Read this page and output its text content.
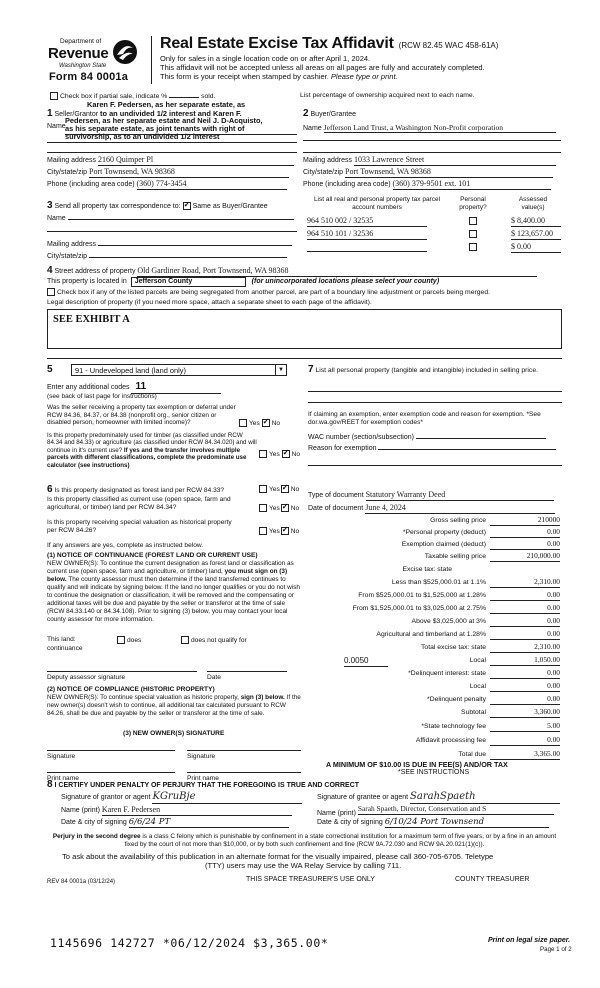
Department of
Revenue
Washington State
Form 84 0001a
Real Estate Excise Tax Affidavit (RCW 82.45 WAC 458-61A)
Only for sales in a single location code on or after April 1, 2024.
This affidavit will not be accepted unless all areas on all pages are fully and accurately completed.
This form is your receipt when stamped by cashier. Please type or print.
Check box if partial sale, indicate %	sold.	List percentage of ownership acquired next to each name.
Karen F. Pedersen, as her separate estate, as
1 Seller/Grantor to an undivided 1/2 interest and Karen F.
Pedersen, as her separate estate and Neil J. D-Acquisto,
Name as his separate estate, as joint tenants with right of
survivorship, as to an undivided 1/2 interest
Mailing address 2160 Quimper Pl
City/state/zip Port Townsend, WA 98368
Phone (including area code) (360) 774-3454
2 Buyer/Grantee
Name Jefferson Land Trust, a Washington Non-Profit corporation
Mailing address 1033 Lawrence Street
City/state/zip Port Townsend, WA 98368
Phone (including area code) (360) 379-9501 ext. 101
3 Send all property tax correspondence to: ✓ Same as Buyer/Grantee
Name
Mailing address
City/state/zip
List all real and personal property tax parcel account numbers
Personal property?
Assessed value(s)
964 510 002 / 32535	$ 8,400.00
964 510 101 / 32536	$ 123,657.00
$ 0.00
4 Street address of property Old Gardiner Road, Port Townsend, WA 98368
This property is located in Jefferson County	(for unincorporated locations please select your county)
Check box if any of the listed parcels are being segregated from another parcel, are part of a boundary line adjustment or parcels being merged.
Legal description of property (if you need more space, attach a separate sheet to each page of the affidavit).
SEE EXHIBIT A
5	91 - Undeveloped land (land only)	▼
Enter any additional codes 11
(see back of last page for instructions)
Was the seller receiving a property tax exemption or deferral under RCW 84.36, 84.37, or 84.38 (nonprofit org., senior citizen or disabled person, homeowner with limited income)?	Yes ✓ No
Is this property predominately used for timber (as classified under RCW 84.34 and 84.33) or agriculture (as classified under RCW 84.34.020) and will continue in it's current use? If yes and the transfer involves multiple parcels with different classifications, complete the predominate use calculator (see instructions)
Yes ✓ No
7 List all personal property (tangible and intangible) included in selling price.
If claiming an exemption, enter exemption code and reason for exemption. *See dor.wa.gov/REET for exemption codes*
WAC number (section/subsection)
Reason for exemption
6 Is this property designated as forest land per RCW 84.33?	Yes ✓ No
Is this property classified as current use (open space, farm and agricultural, or timber) land per RCW 84.34?	Yes ✓ No
Is this property receiving special valuation as historical property per RCW 84.26?	Yes ✓ No
If any answers are yes, complete as instructed below.
(1) NOTICE OF CONTINUANCE (FOREST LAND OR CURRENT USE)
NEW OWNER(S): To continue the current designation as forest land or classification as current use (open space, farm and agriculture, or timber) land, you must sign on (3) below. The county assessor must then determine if the land transferred continues to qualify and will indicate by signing below. If the land no longer qualifies or you do not wish to continue the designation or classification, it will be removed and the compensating or additional taxes will be due and payable by the seller or transferor at the time of sale (RCW 84.33.140 or 84.34.108). Prior to signing (3) below, you may contact your local county assessor for more information.
This land:	does	does not qualify for
continuance
Deputy assessor signature	Date
(2) NOTICE OF COMPLIANCE (HISTORIC PROPERTY)
NEW OWNER(S): To continue special valuation as historic property, sign (3) below. If the new owner(s) doesn't wish to continue, all additional tax calculated pursuant to RCW 84.26, shall be due and payable by the seller or transferor at the time of sale.
(3) NEW OWNER(S) SIGNATURE
Signature	Signature
Print name	Print name
Type of document Statutory Warranty Deed
Date of document June 4, 2024
Gross selling price	210000
*Personal property (deduct)	0.00
Exemption claimed (deduct)	0.00
Taxable selling price	210,000.00
Excise tax: state
Less than $525,000.01 at 1.1%	2,310.00
From $525,000.01 to $1,525,000 at 1.28%	0.00
From $1,525,000.01 to $3,025,000 at 2.75%	0.00
Above $3,025,000 at 3%	0.00
Agricultural and timberland at 1.28%	0.00
Total excise tax: state	2,310.00
0.0050	Local	1,050.00
*Delinquent interest: state	0.00
Local	0.00
*Delinquent penalty	0.00
Subtotal	3,360.00
*State technology fee	5.00
Affidavit processing fee	0.00
Total due	3,365.00
A MINIMUM OF $10.00 IS DUE IN FEE(S) AND/OR TAX
*SEE INSTRUCTIONS
8 I CERTIFY UNDER PENALTY OF PERJURY THAT THE FOREGOING IS TRUE AND CORRECT
Signature of grantor or agent KGruBje
Name (print) Karen F. Pedersen
Date & city of signing 6/6/24 PT
Signature of grantee or agent SarahSpaeth
Name (print) Sarah Spaeth, Director, Conservation and S
Date & city of signing 6/10/24 Port Townsend
Perjury in the second degree is a class C felony which is punishable by confinement in a state correctional institution for a maximum term of five years, or by a fine in an amount fixed by the court of not more than $10,000, or by both such confinement and fine (RCW 9A.72.030 and RCW 9A.20.021(1)(c)).
To ask about the availability of this publication in an alternate format for the visually impaired, please call 360-705-6705. Teletype
(TTY) users may use the WA Relay Service by calling 711.
REV 84 0001a (03/12/24)	THIS SPACE TREASURER'S USE ONLY	COUNTY TREASURER
1145696 142727 *06/12/2024 $3,365.00*	Print on legal size paper.
Page 1 of 2
